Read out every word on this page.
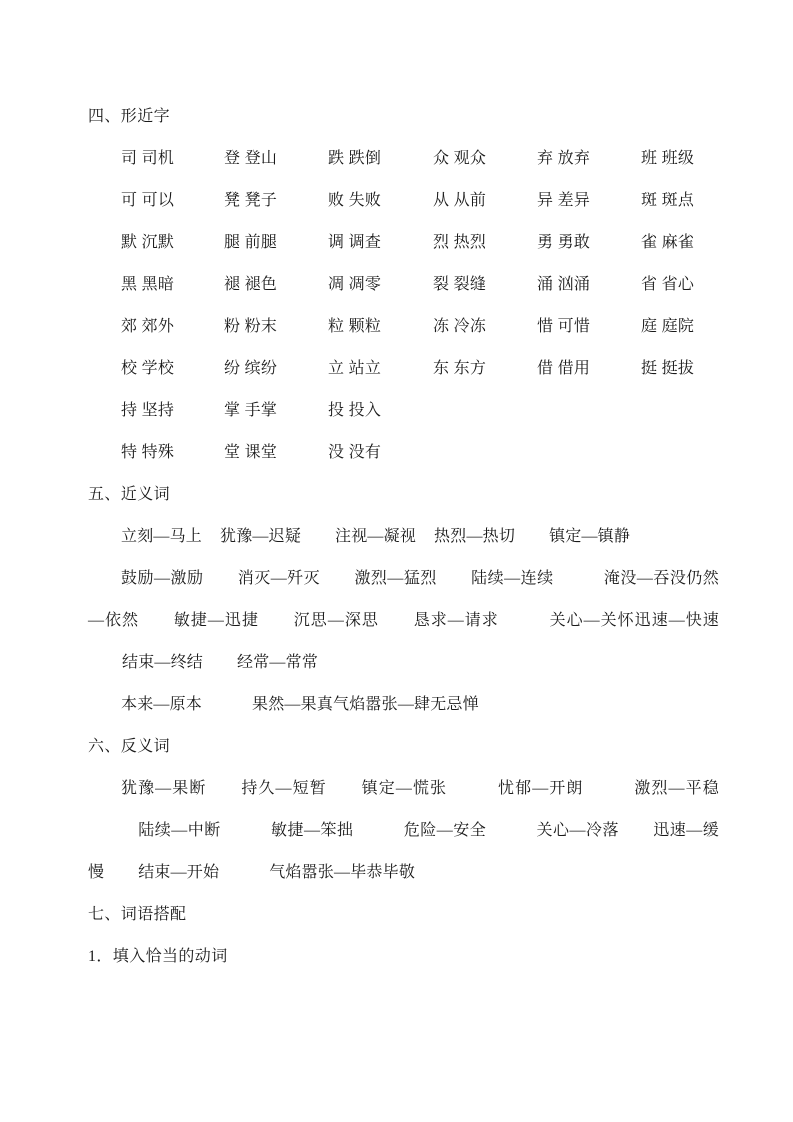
四、形近字
司 司机	登 登山	跌 跌倒	众 观众	弃 放弃	班 班级
可 可以	凳 凳子	败 失败	从 从前	异 差异	斑 斑点
默 沉默	腿 前腿	调 调查	烈 热烈	勇 勇敢	雀 麻雀
黑 黑暗	褪 褪色	凋 凋零	裂 裂缝	涌 汹涌	省 省心
郊 郊外	粉 粉末	粒 颗粒	冻 冷冻	惜 可惜	庭 庭院
校 学校	纷 缤纷	立 站立	东 东方	借 借用	挺 挺拔
持 坚持	掌 手掌	投 投入			
特 特殊	堂 课堂	没 没有			
五、近义词

立刻—马上 犹豫—迟疑 注视—凝视 热烈—热切 镇定—镇静

鼓励—激励 消灭—歼灭 激烈—猛烈 陆续—连续	淹没—吞没仍然—依然 敏捷—迅捷 沉思—深思 恳求—请求	关心—关怀迅速—快速结束—终结 经常—常常

本来—原本	果然—果真气焰嚣张—肆无忌惮

六、反义词

犹豫—果断 持久—短暂 镇定—慌张	忧郁—开朗	激烈—平稳陆续—中断	敏捷—笨拙	危险—安全	关心—冷落 迅速—缓慢 结束—开始	气焰嚣张—毕恭毕敬

七、词语搭配
1．填入恰当的动词
